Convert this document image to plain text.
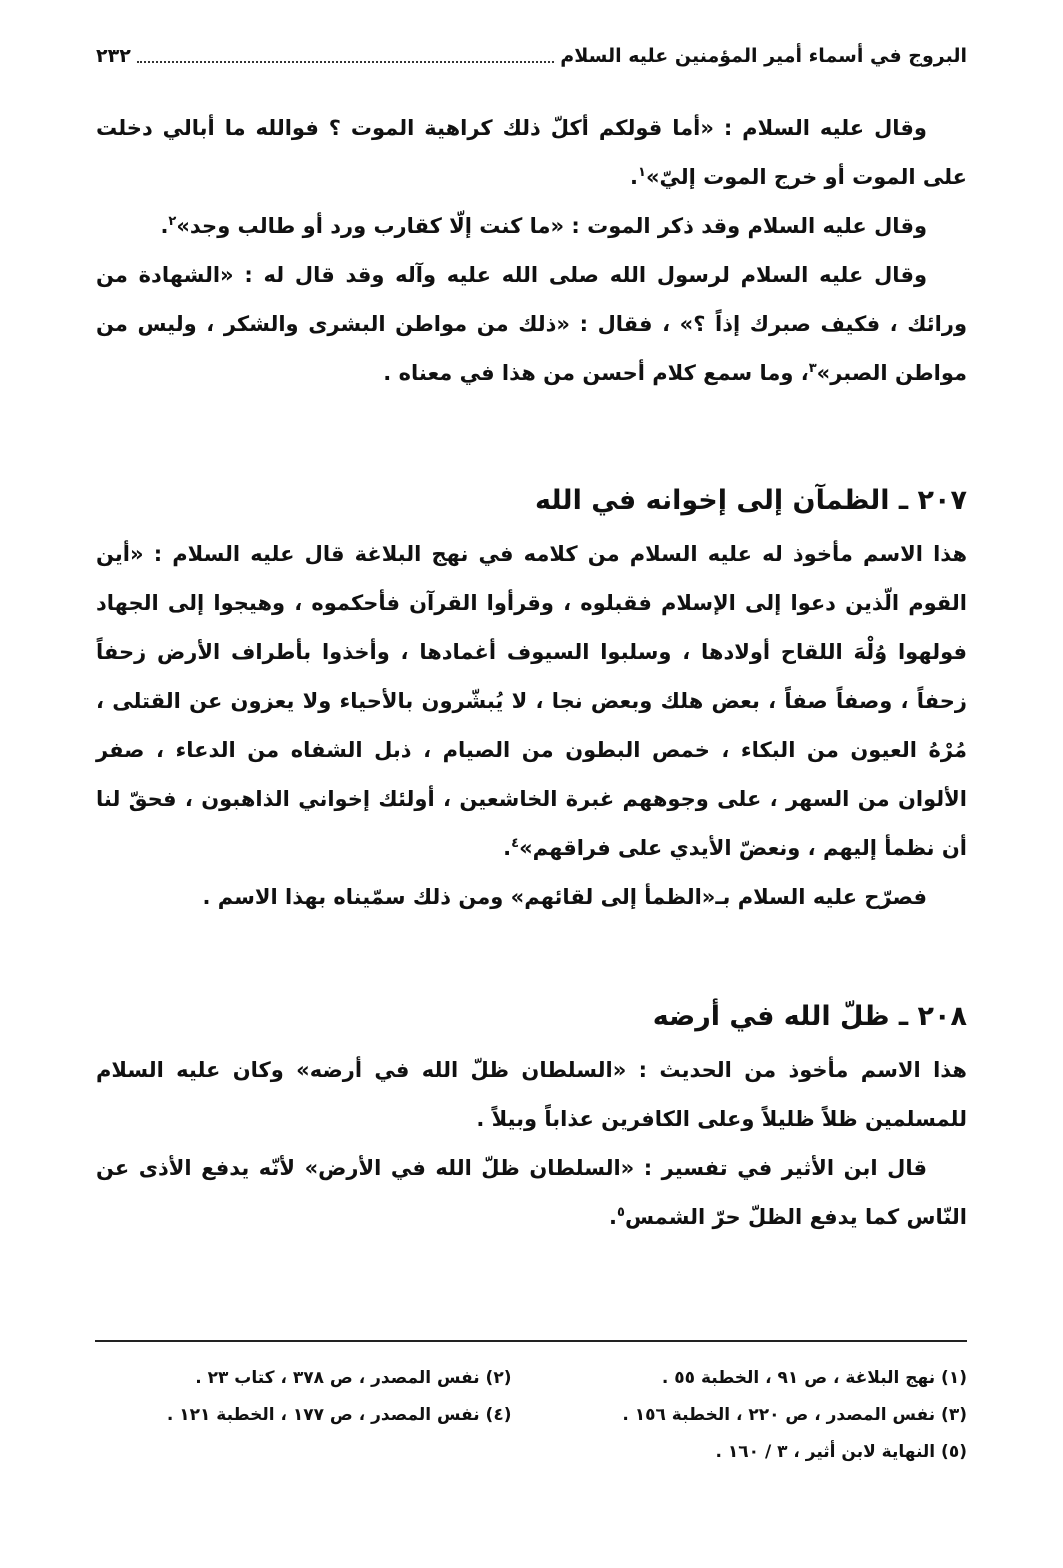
البروج في أسماء أمير المؤمنين عليه السلام
٢٣٢

وقال عليه السلام : «أما قولكم أكلّ ذلك كراهية الموت ؟ فوالله ما أبالي دخلت على الموت أو خرج الموت إليّ»$^١$.

وقال عليه السلام وقد ذكر الموت : «ما كنت إلّا كقارب ورد أو طالب وجد»$^٢$.

وقال عليه السلام لرسول الله صلى الله عليه وآله وقد قال له : «الشهادة من ورائك ، فكيف صبرك إذاً ؟» ، فقال : «ذلك من مواطن البشرى والشكر ، وليس من مواطن الصبر»$^٣$، وما سمع كلام أحسن من هذا في معناه .

٢٠٧ ـ الظمآن إلى إخوانه في الله

هذا الاسم مأخوذ له عليه السلام من كلامه في نهج البلاغة قال عليه السلام : «أين القوم الّذين دعوا إلى الإسلام فقبلوه ، وقرأوا القرآن فأحكموه ، وهيجوا إلى الجهاد فولهوا وُلْهَ اللقاح أولادها ، وسلبوا السيوف أغمادها ، وأخذوا بأطراف الأرض زحفاً زحفاً ، وصفاً صفاً ، بعض هلك وبعض نجا ، لا يُبشّرون بالأحياء ولا يعزون عن القتلى ، مُرْهُ العيون من البكاء ، خمص البطون من الصيام ، ذبل الشفاه من الدعاء ، صفر الألوان من السهر ، على وجوههم غبرة الخاشعين ، أولئك إخواني الذاهبون ، فحقّ لنا أن نظمأ إليهم ، ونعضّ الأيدي على فراقهم»$^٤$.

فصرّح عليه السلام بـ«الظمأ إلى لقائهم» ومن ذلك سمّيناه بهذا الاسم .

٢٠٨ ـ ظلّ الله في أرضه

هذا الاسم مأخوذ من الحديث : «السلطان ظلّ الله في أرضه» وكان عليه السلام للمسلمين ظلاً ظليلاً وعلى الكافرين عذاباً وبيلاً .

قال ابن الأثير في تفسير : «السلطان ظلّ الله في الأرض» لأنّه يدفع الأذى عن النّاس كما يدفع الظلّ حرّ الشمس$^٥$.

(١) نهج البلاغة ، ص ٩١ ، الخطبة ٥٥ .
(٢) نفس المصدر ، ص ٣٧٨ ، كتاب ٢٣ .
(٣) نفس المصدر ، ص ٢٢٠ ، الخطبة ١٥٦ .
(٤) نفس المصدر ، ص ١٧٧ ، الخطبة ١٢١ .
(٥) النهاية لابن أثير ، ٣ / ١٦٠ .
